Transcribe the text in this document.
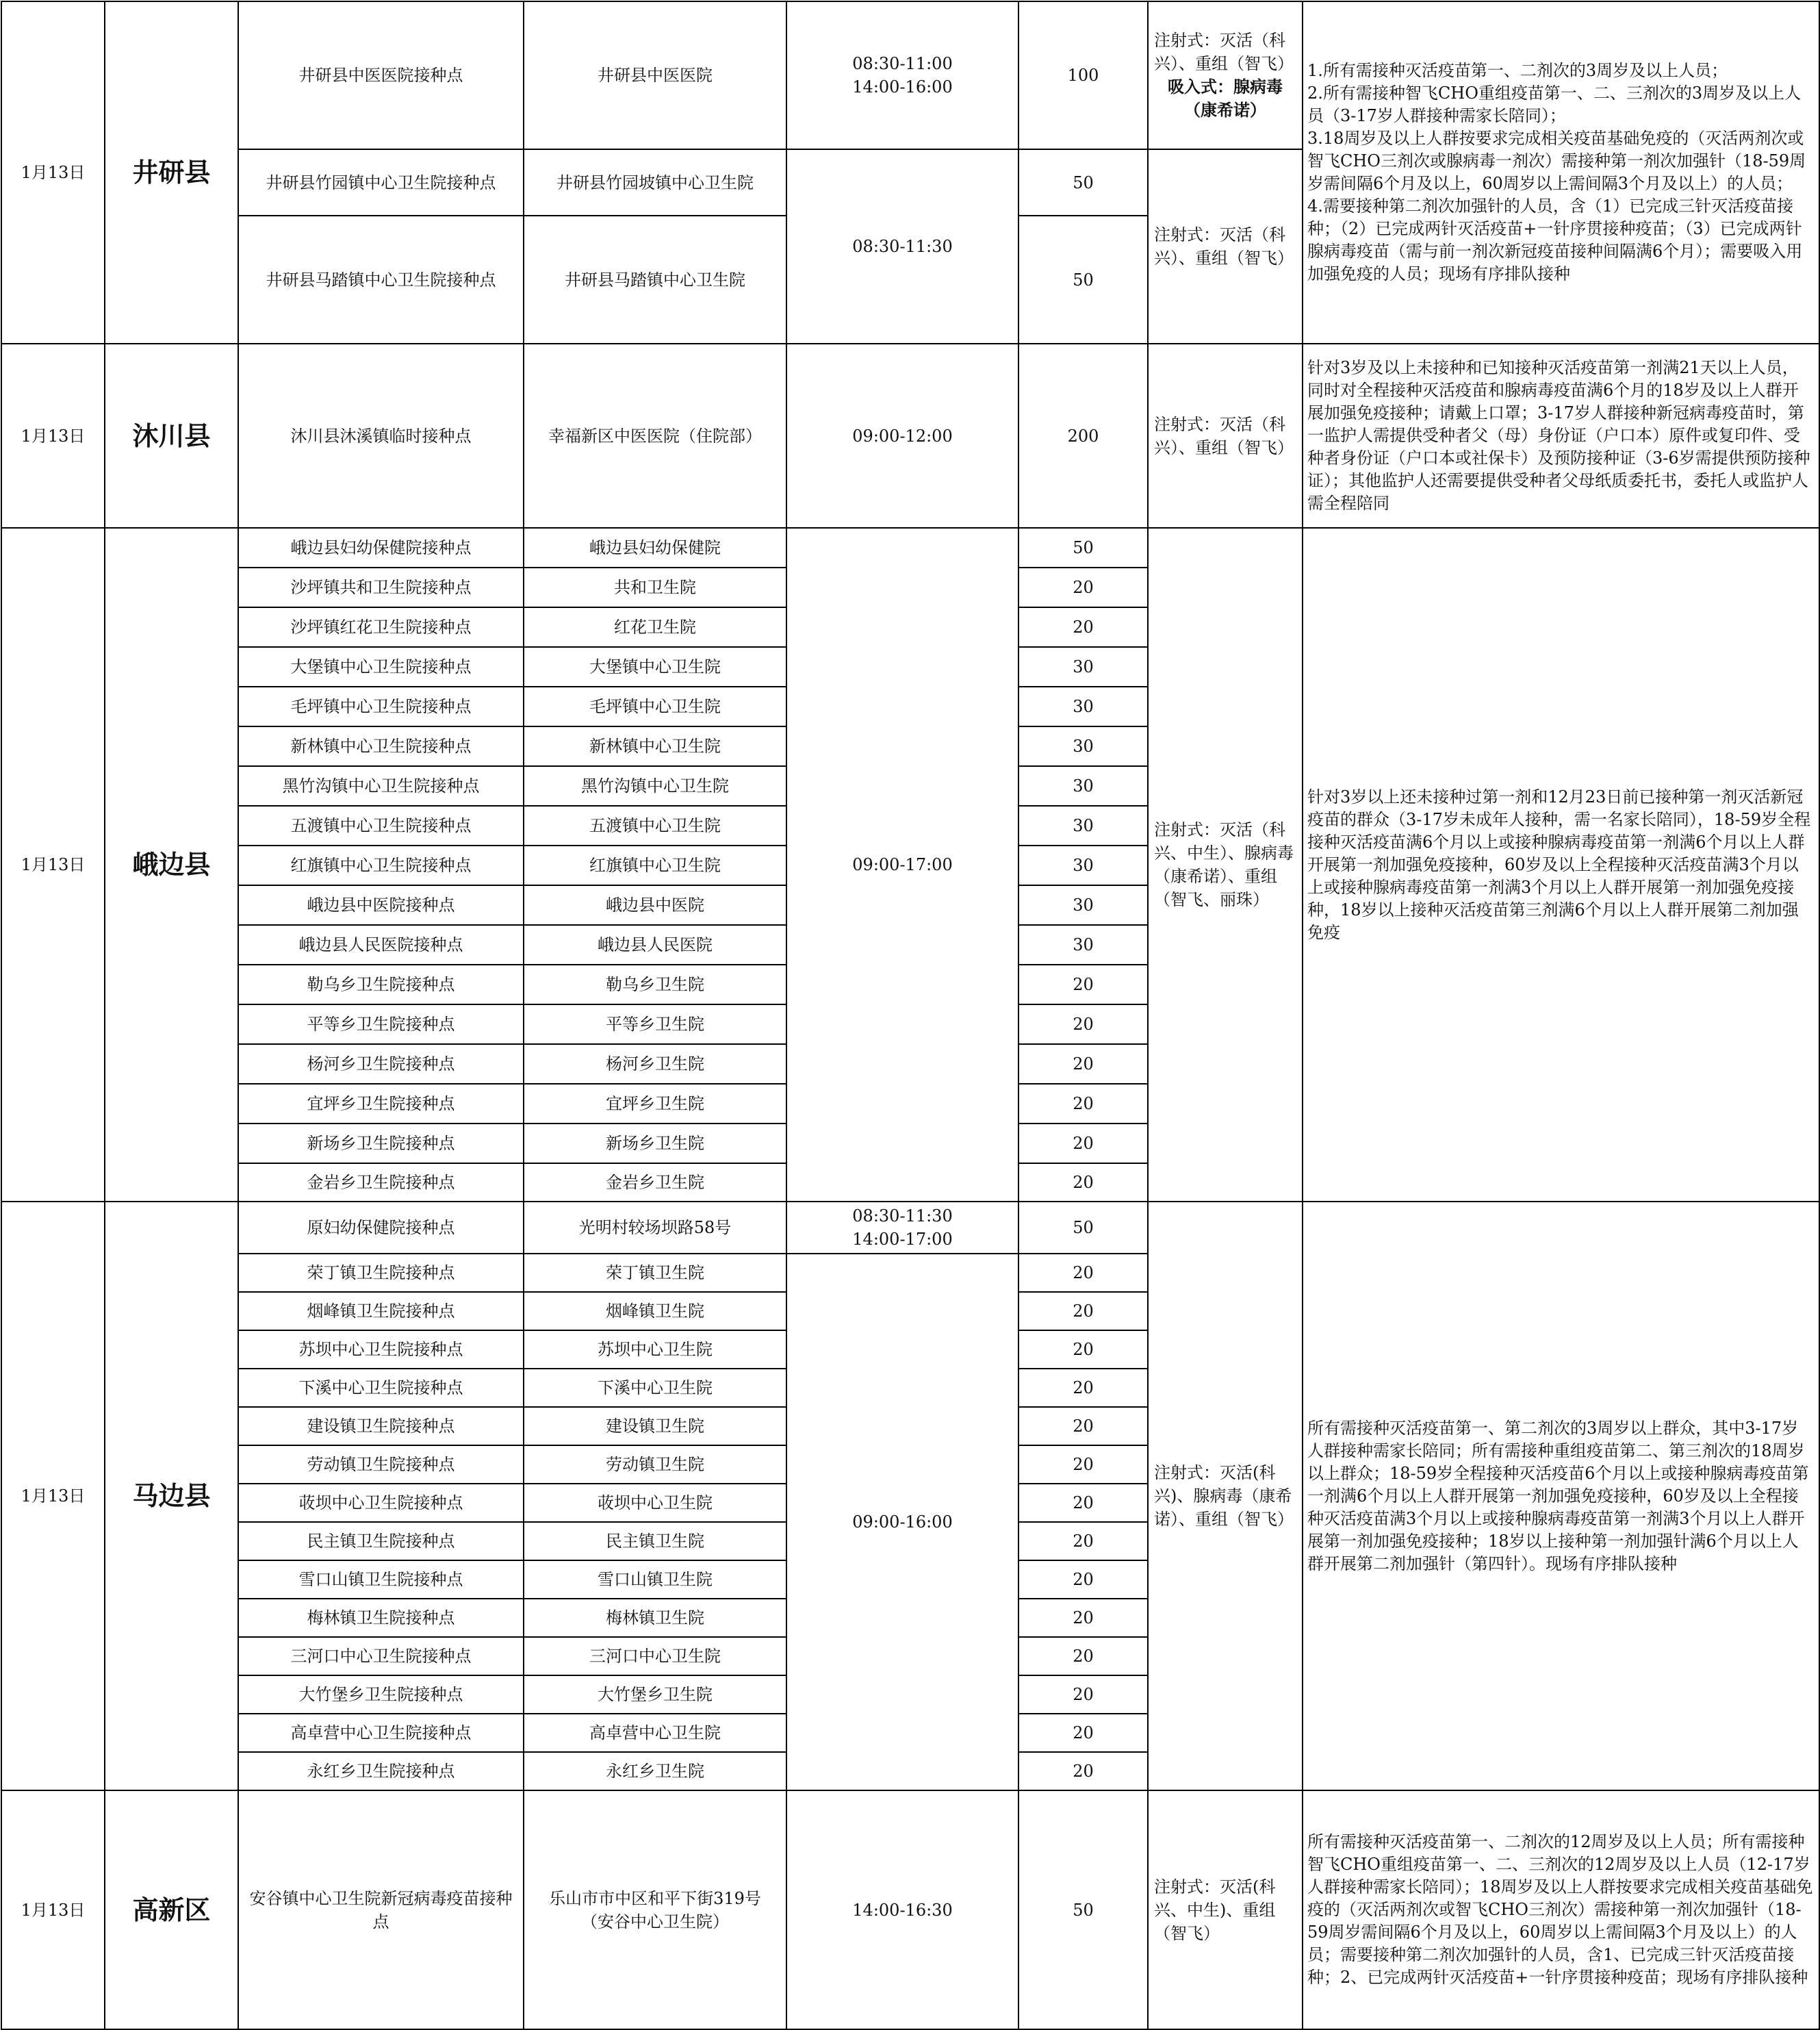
1月13日	井研县	井研县中医医院接种点	井研县中医医院	08:30-11:00
14:00-16:00	100	注射式：灭活（科兴）、重组（智飞）
吸入式：腺病毒（康希诺）	1.所有需接种灭活疫苗第一、二剂次的3周岁及以上人员；
2.所有需接种智飞CHO重组疫苗第一、二、三剂次的3周岁及以上人员（3-17岁人群接种需家长陪同）；
3.18周岁及以上人群按要求完成相关疫苗基础免疫的（灭活两剂次或智飞CHO三剂次或腺病毒一剂次）需接种第一剂次加强针（18-59周岁需间隔6个月及以上，60周岁以上需间隔3个月及以上）的人员；
4.需要接种第二剂次加强针的人员，含（1）已完成三针灭活疫苗接种；（2）已完成两针灭活疫苗+一针序贯接种疫苗；（3）已完成两针腺病毒疫苗（需与前一剂次新冠疫苗接种间隔满6个月）；需要吸入用加强免疫的人员；现场有序排队接种

		井研县竹园镇中心卫生院接种点	井研县竹园坡镇中心卫生院	08:30-11:30	50	注射式：灭活（科兴）、重组（智飞）	
		井研县马踏镇中心卫生院接种点	井研县马踏镇中心卫生院		50		
1月13日	沐川县	沐川县沐溪镇临时接种点	幸福新区中医医院（住院部）	09:00-12:00	200	注射式：灭活（科兴）、重组（智飞）	针对3岁及以上未接种和已知接种灭活疫苗第一剂满21天以上人员，同时对全程接种灭活疫苗和腺病毒疫苗满6个月的18岁及以上人群开展加强免疫接种；请戴上口罩；3-17岁人群接种新冠病毒疫苗时，第一监护人需提供受种者父（母）身份证（户口本）原件或复印件、受种者身份证（户口本或社保卡）及预防接种证（3-6岁需提供预防接种证）；其他监护人还需要提供受种者父母纸质委托书，委托人或监护人需全程陪同
1月13日	峨边县	峨边县妇幼保健院接种点	峨边县妇幼保健院	09:00-17:00	50	注射式：灭活（科兴、中生）、腺病毒（康希诺）、重组（智飞、丽珠）	针对3岁以上还未接种过第一剂和12月23日前已接种第一剂灭活新冠疫苗的群众（3-17岁未成年人接种，需一名家长陪同），18-59岁全程接种灭活疫苗满6个月以上或接种腺病毒疫苗第一剂满6个月以上人群开展第一剂加强免疫接种，60岁及以上全程接种灭活疫苗满3个月以上或接种腺病毒疫苗第一剂满3个月以上人群开展第一剂加强免疫接种，18岁以上接种灭活疫苗第三剂满6个月以上人群开展第二剂加强免疫
		沙坪镇共和卫生院接种点	共和卫生院		20		
		沙坪镇红花卫生院接种点	红花卫生院		20		
		大堡镇中心卫生院接种点	大堡镇中心卫生院		30		
		毛坪镇中心卫生院接种点	毛坪镇中心卫生院		30		
		新林镇中心卫生院接种点	新林镇中心卫生院		30		
		黑竹沟镇中心卫生院接种点	黑竹沟镇中心卫生院		30		
		五渡镇中心卫生院接种点	五渡镇中心卫生院		30		
		红旗镇中心卫生院接种点	红旗镇中心卫生院		30		
		峨边县中医院接种点	峨边县中医院		30		
		峨边县人民医院接种点	峨边县人民医院		30		
		勒乌乡卫生院接种点	勒乌乡卫生院		20		
		平等乡卫生院接种点	平等乡卫生院		20		
		杨河乡卫生院接种点	杨河乡卫生院		20		
		宜坪乡卫生院接种点	宜坪乡卫生院		20		
		新场乡卫生院接种点	新场乡卫生院		20		
		金岩乡卫生院接种点	金岩乡卫生院		20		
1月13日	马边县	原妇幼保健院接种点	光明村较场坝路58号	08:30-11:30
14:00-17:00	50	注射式：灭活(科兴)、腺病毒（康希诺）、重组（智飞）	所有需接种灭活疫苗第一、第二剂次的3周岁以上群众，其中3-17岁人群接种需家长陪同；所有需接种重组疫苗第二、第三剂次的18周岁以上群众；18-59岁全程接种灭活疫苗6个月以上或接种腺病毒疫苗第一剂满6个月以上人群开展第一剂加强免疫接种，60岁及以上全程接种灭活疫苗满3个月以上或接种腺病毒疫苗第一剂满3个月以上人群开展第一剂加强免疫接种；18岁以上接种第一剂加强针满6个月以上人群开展第二剂加强针（第四针）。现场有序排队接种
		荣丁镇卫生院接种点	荣丁镇卫生院	09:00-16:00	20		
		烟峰镇卫生院接种点	烟峰镇卫生院		20		
		苏坝中心卫生院接种点	苏坝中心卫生院		20		
		下溪中心卫生院接种点	下溪中心卫生院		20		
		建设镇卫生院接种点	建设镇卫生院		20		
		劳动镇卫生院接种点	劳动镇卫生院		20		
		荍坝中心卫生院接种点	荍坝中心卫生院		20		
		民主镇卫生院接种点	民主镇卫生院		20		
		雪口山镇卫生院接种点	雪口山镇卫生院		20		
		梅林镇卫生院接种点	梅林镇卫生院		20		
		三河口中心卫生院接种点	三河口中心卫生院		20		
		大竹堡乡卫生院接种点	大竹堡乡卫生院		20		
		高卓营中心卫生院接种点	高卓营中心卫生院		20		
		永红乡卫生院接种点	永红乡卫生院		20		
1月13日	高新区	安谷镇中心卫生院新冠病毒疫苗接种点	乐山市市中区和平下街319号
（安谷中心卫生院）	14:00-16:30	50	注射式：灭活(科兴、中生)、重组（智飞）	所有需接种灭活疫苗第一、二剂次的12周岁及以上人员；所有需接种智飞CHO重组疫苗第一、二、三剂次的12周岁及以上人员（12-17岁人群接种需家长陪同）；18周岁及以上人群按要求完成相关疫苗基础免疫的（灭活两剂次或智飞CHO三剂次）需接种第一剂次加强针（18-59周岁需间隔6个月及以上，60周岁以上需间隔3个月及以上）的人员；需要接种第二剂次加强针的人员，含1、已完成三针灭活疫苗接种；2、已完成两针灭活疫苗+一针序贯接种疫苗；现场有序排队接种
